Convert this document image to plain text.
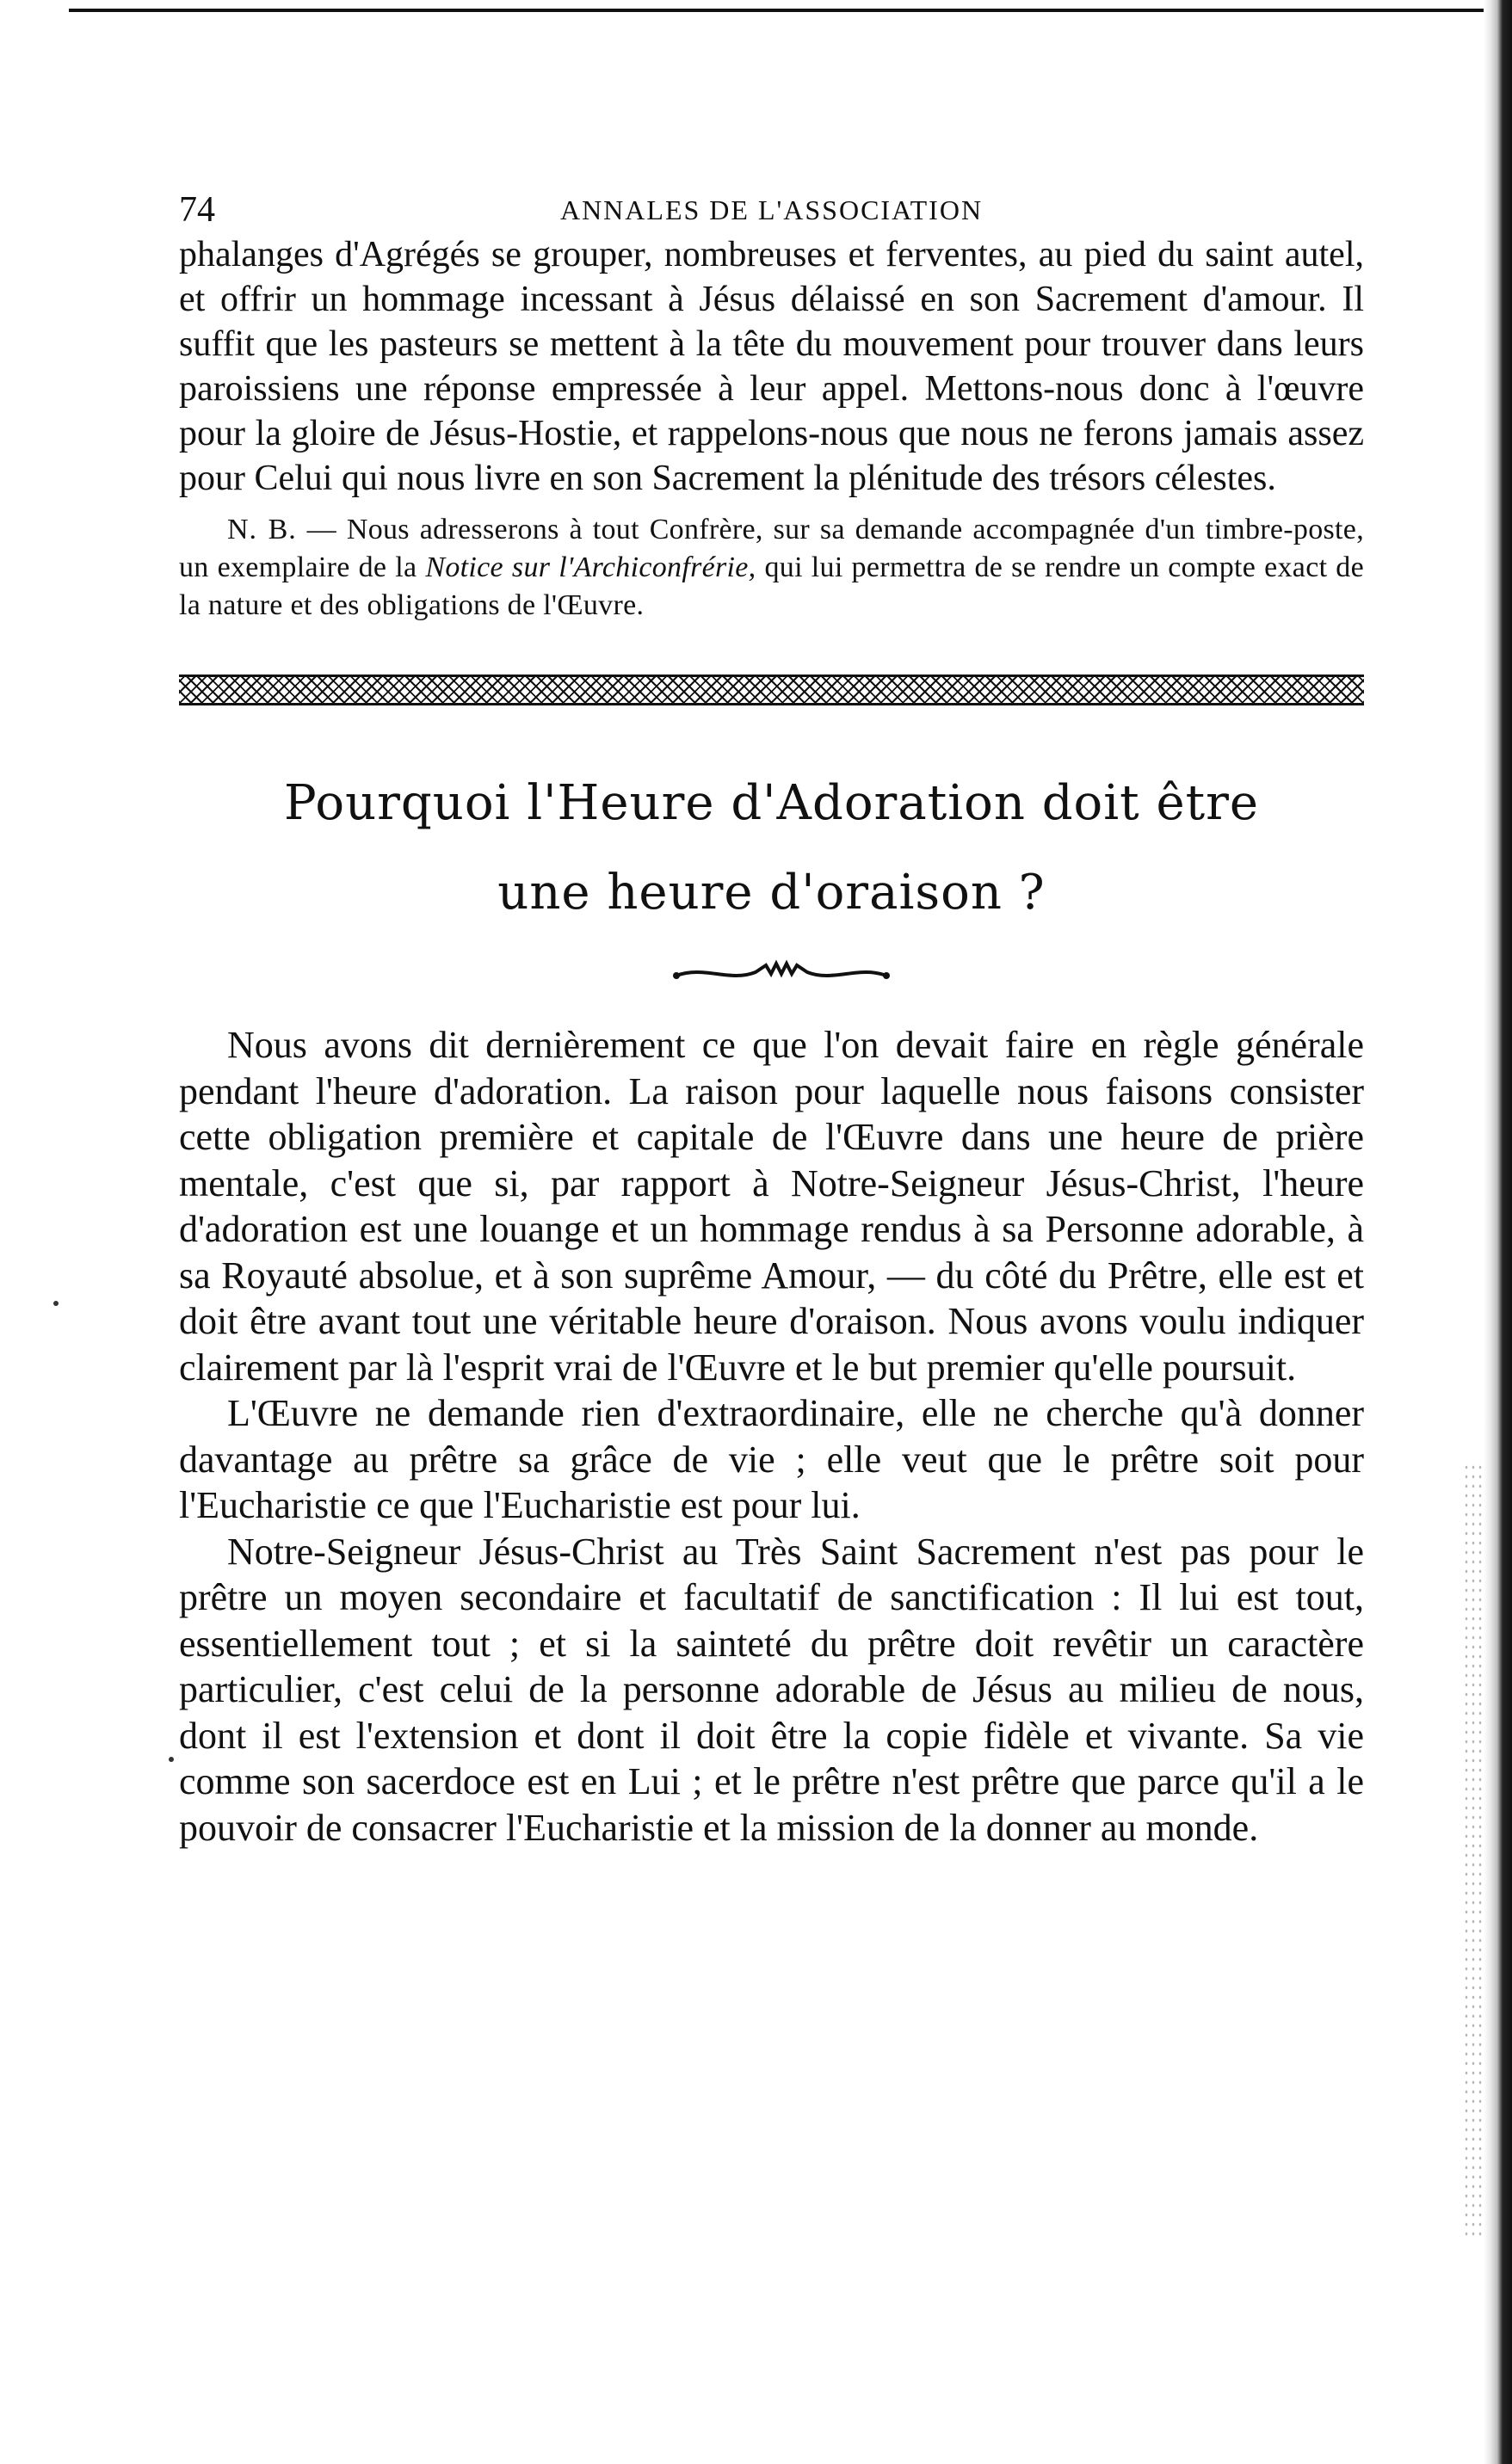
74	ANNALES DE L'ASSOCIATION

phalanges d'Agrégés se grouper, nombreuses et ferventes, au pied du saint autel, et offrir un hommage incessant à Jésus délaissé en son Sacrement d'amour. Il suffit que les pasteurs se mettent à la tête du mouvement pour trouver dans leurs paroissiens une réponse empressée à leur appel. Mettons-nous donc à l'œuvre pour la gloire de Jésus-Hostie, et rappelons-nous que nous ne ferons jamais assez pour Celui qui nous livre en son Sacrement la plénitude des trésors célestes.

N. B. — Nous adresserons à tout Confrère, sur sa demande accompagnée d'un timbre-poste, un exemplaire de la Notice sur l'Archiconfrérie, qui lui permettra de se rendre un compte exact de la nature et des obligations de l'Œuvre.

Pourquoi l'Heure d'Adoration doit être
une heure d'oraison ?

Nous avons dit dernièrement ce que l'on devait faire en règle générale pendant l'heure d'adoration. La raison pour laquelle nous faisons consister cette obligation première et capitale de l'Œuvre dans une heure de prière mentale, c'est que si, par rapport à Notre-Seigneur Jésus-Christ, l'heure d'adoration est une louange et un hommage rendus à sa Personne adorable, à sa Royauté absolue, et à son suprême Amour, — du côté du Prêtre, elle est et doit être avant tout une véritable heure d'oraison. Nous avons voulu indiquer clairement par là l'esprit vrai de l'Œuvre et le but premier qu'elle poursuit.

L'Œuvre ne demande rien d'extraordinaire, elle ne cherche qu'à donner davantage au prêtre sa grâce de vie ; elle veut que le prêtre soit pour l'Eucharistie ce que l'Eucharistie est pour lui.

Notre-Seigneur Jésus-Christ au Très Saint Sacrement n'est pas pour le prêtre un moyen secondaire et facultatif de sanctification : Il lui est tout, essentiellement tout ; et si la sainteté du prêtre doit revêtir un caractère particulier, c'est celui de la personne adorable de Jésus au milieu de nous, dont il est l'extension et dont il doit être la copie fidèle et vivante. Sa vie comme son sacerdoce est en Lui ; et le prêtre n'est prêtre que parce qu'il a le pouvoir de consacrer l'Eucharistie et la mission de la donner au monde.
